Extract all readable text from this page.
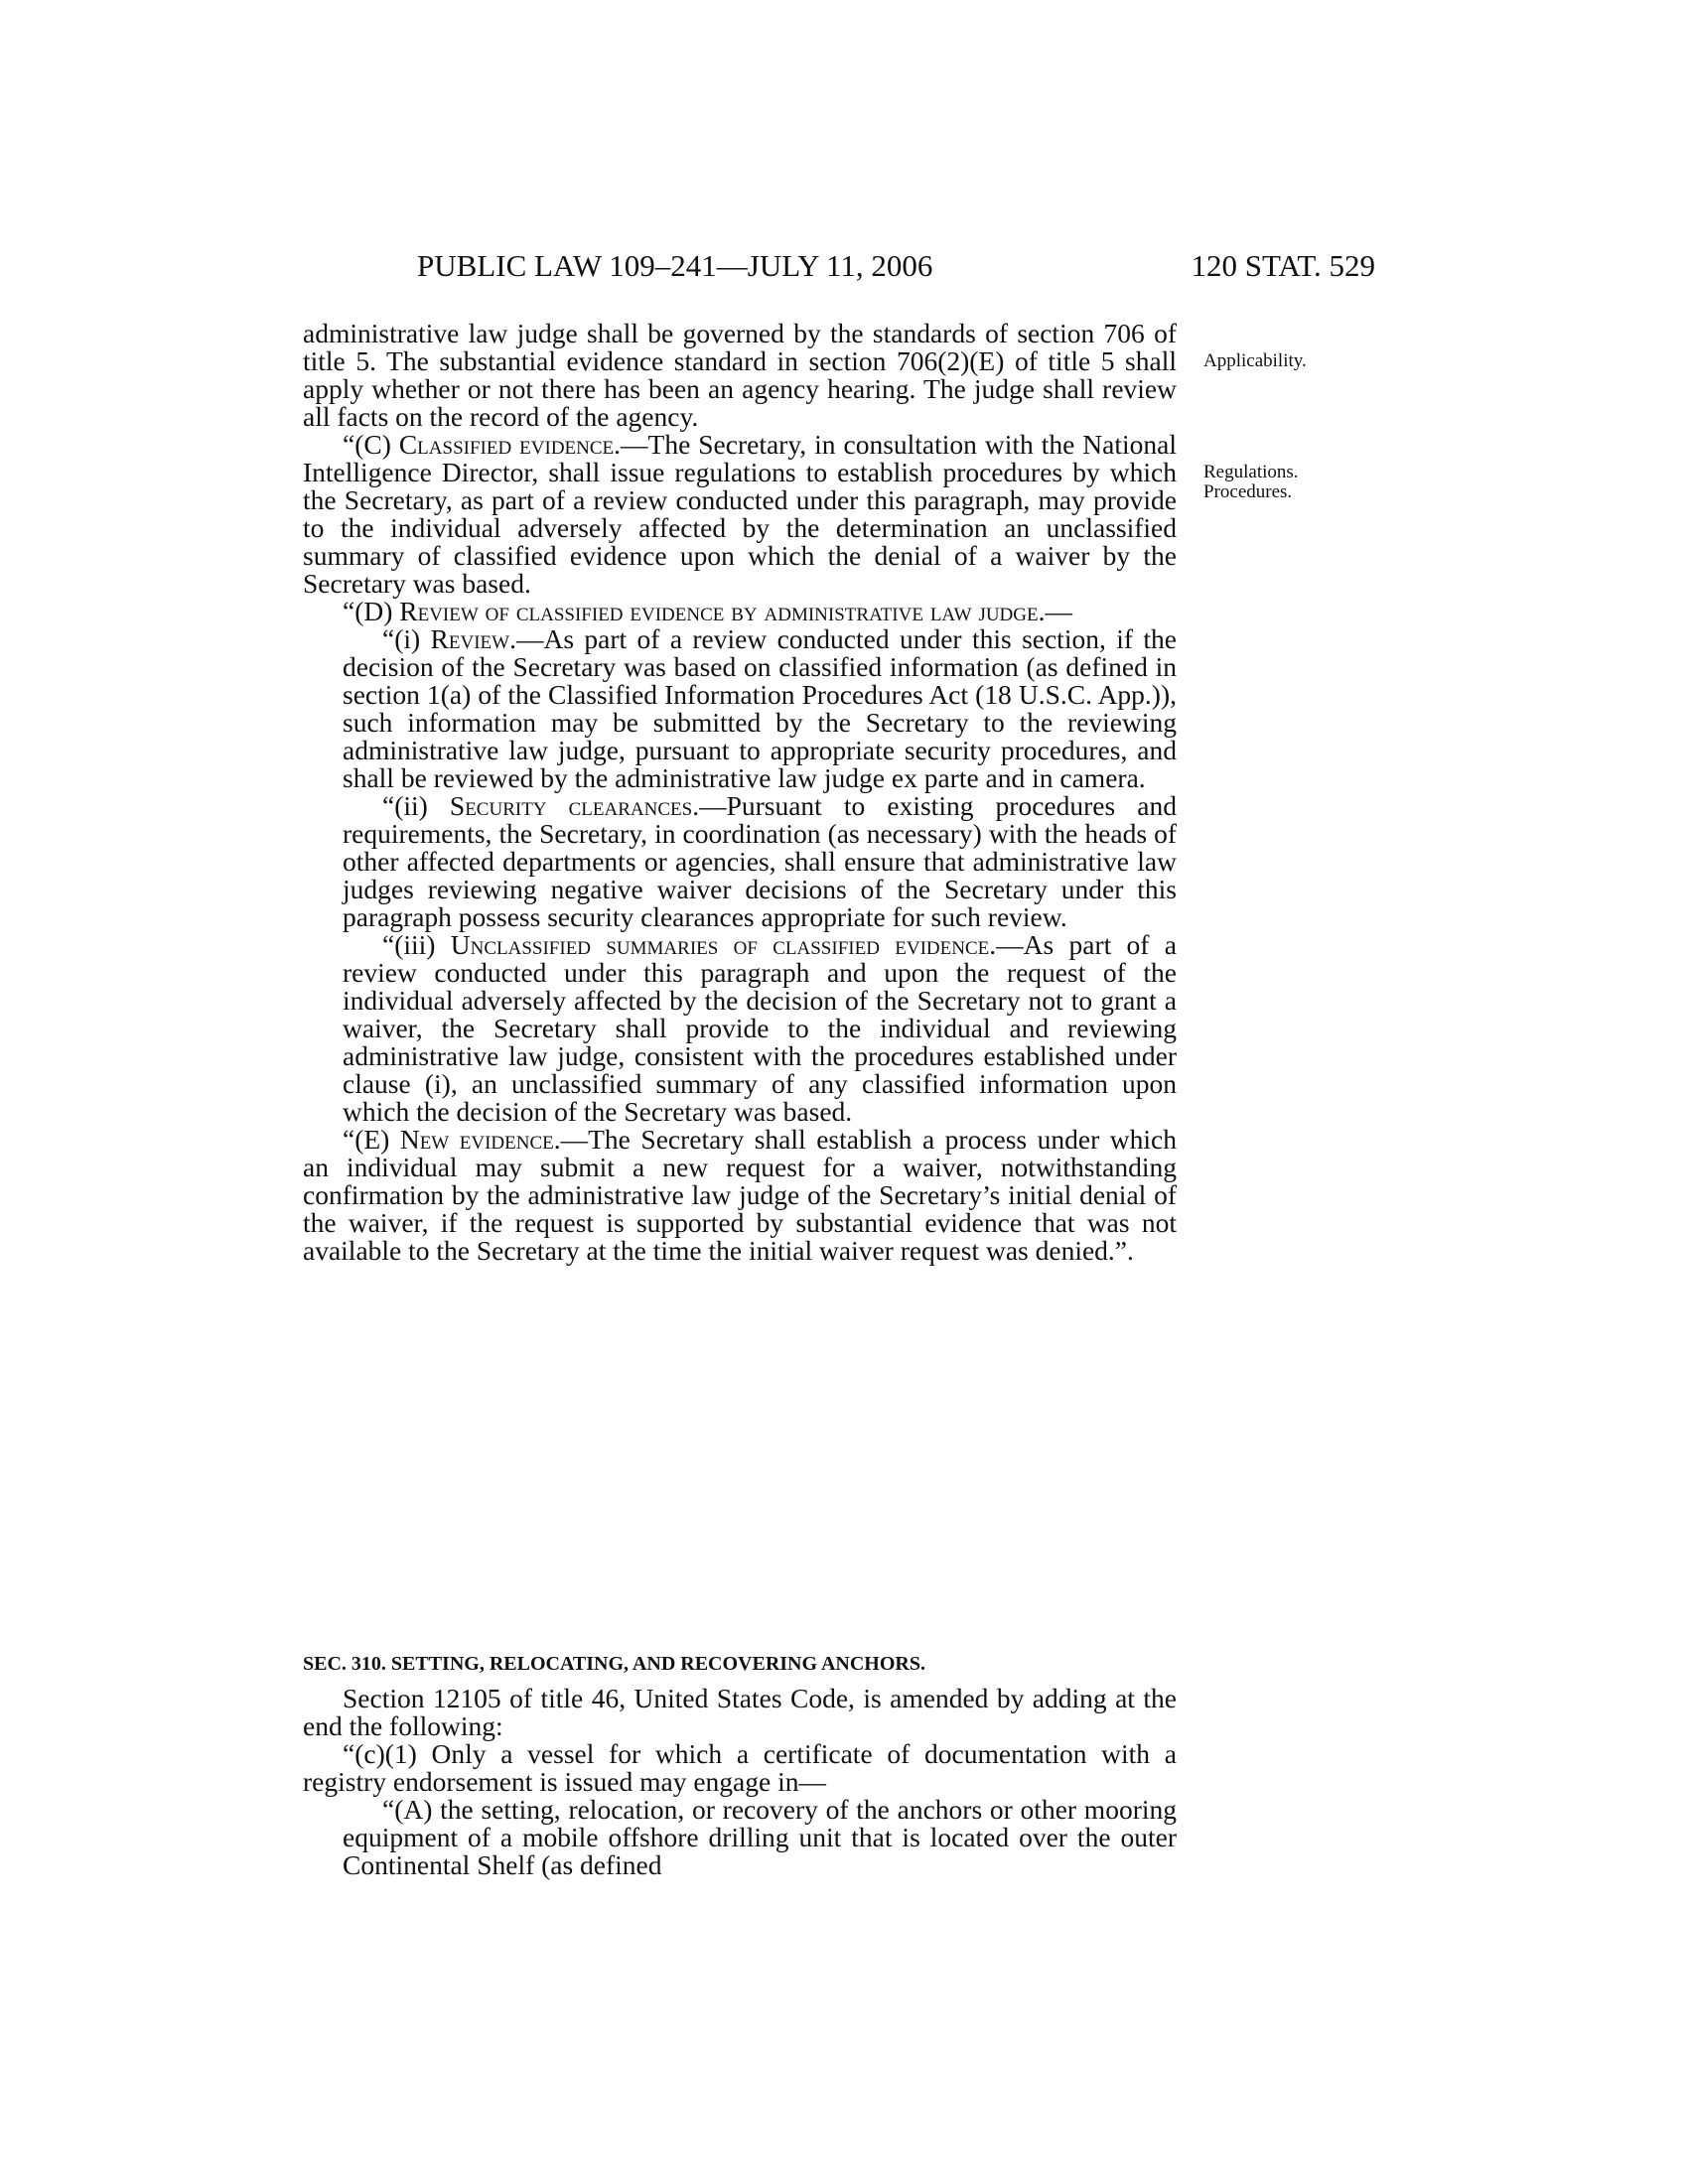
PUBLIC LAW 109–241—JULY 11, 2006	120 STAT. 529
Applicability.
Regulations.
Procedures.

administrative law judge shall be governed by the standards of section 706 of title 5. The substantial evidence standard in section 706(2)(E) of title 5 shall apply whether or not there has been an agency hearing. The judge shall review all facts on the record of the agency.

“(C) Classified evidence.—The Secretary, in consultation with the National Intelligence Director, shall issue regulations to establish procedures by which the Secretary, as part of a review conducted under this paragraph, may provide to the individual adversely affected by the determination an unclassified summary of classified evidence upon which the denial of a waiver by the Secretary was based.

“(D) Review of classified evidence by administrative law judge.—

“(i) Review.—As part of a review conducted under this section, if the decision of the Secretary was based on classified information (as defined in section 1(a) of the Classified Information Procedures Act (18 U.S.C. App.)), such information may be submitted by the Secretary to the reviewing administrative law judge, pursuant to appropriate security procedures, and shall be reviewed by the administrative law judge ex parte and in camera.

“(ii) Security clearances.—Pursuant to existing procedures and requirements, the Secretary, in coordination (as necessary) with the heads of other affected departments or agencies, shall ensure that administrative law judges reviewing negative waiver decisions of the Secretary under this paragraph possess security clearances appropriate for such review.

“(iii) Unclassified summaries of classified evidence.—As part of a review conducted under this paragraph and upon the request of the individual adversely affected by the decision of the Secretary not to grant a waiver, the Secretary shall provide to the individual and reviewing administrative law judge, consistent with the procedures established under clause (i), an unclassified summary of any classified information upon which the decision of the Secretary was based.

“(E) New evidence.—The Secretary shall establish a process under which an individual may submit a new request for a waiver, notwithstanding confirmation by the administrative law judge of the Secretary’s initial denial of the waiver, if the request is supported by substantial evidence that was not available to the Secretary at the time the initial waiver request was denied.”.

SEC. 310. SETTING, RELOCATING, AND RECOVERING ANCHORS.

Section 12105 of title 46, United States Code, is amended by adding at the end the following:

“(c)(1) Only a vessel for which a certificate of documentation with a registry endorsement is issued may engage in—

“(A) the setting, relocation, or recovery of the anchors or other mooring equipment of a mobile offshore drilling unit that is located over the outer Continental Shelf (as defined
